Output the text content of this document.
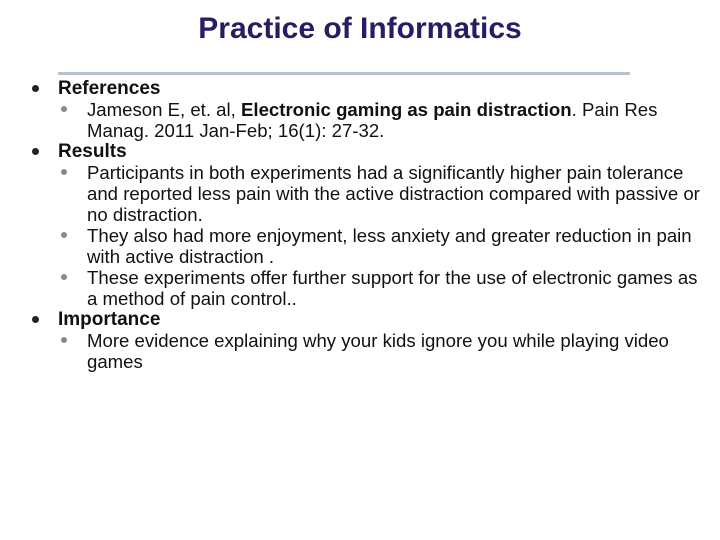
Practice of Informatics
References
Jameson E, et. al, Electronic gaming as pain distraction. Pain Res Manag. 2011 Jan-Feb; 16(1): 27-32.
Results
Participants in both experiments had a significantly higher pain tolerance and reported less pain with the active distraction compared with passive or no distraction.
They also had more enjoyment, less anxiety and greater reduction in pain with active distraction .
These experiments offer further support for the use of electronic games as a method of pain control..
Importance
More evidence explaining why your kids ignore you while playing video games
